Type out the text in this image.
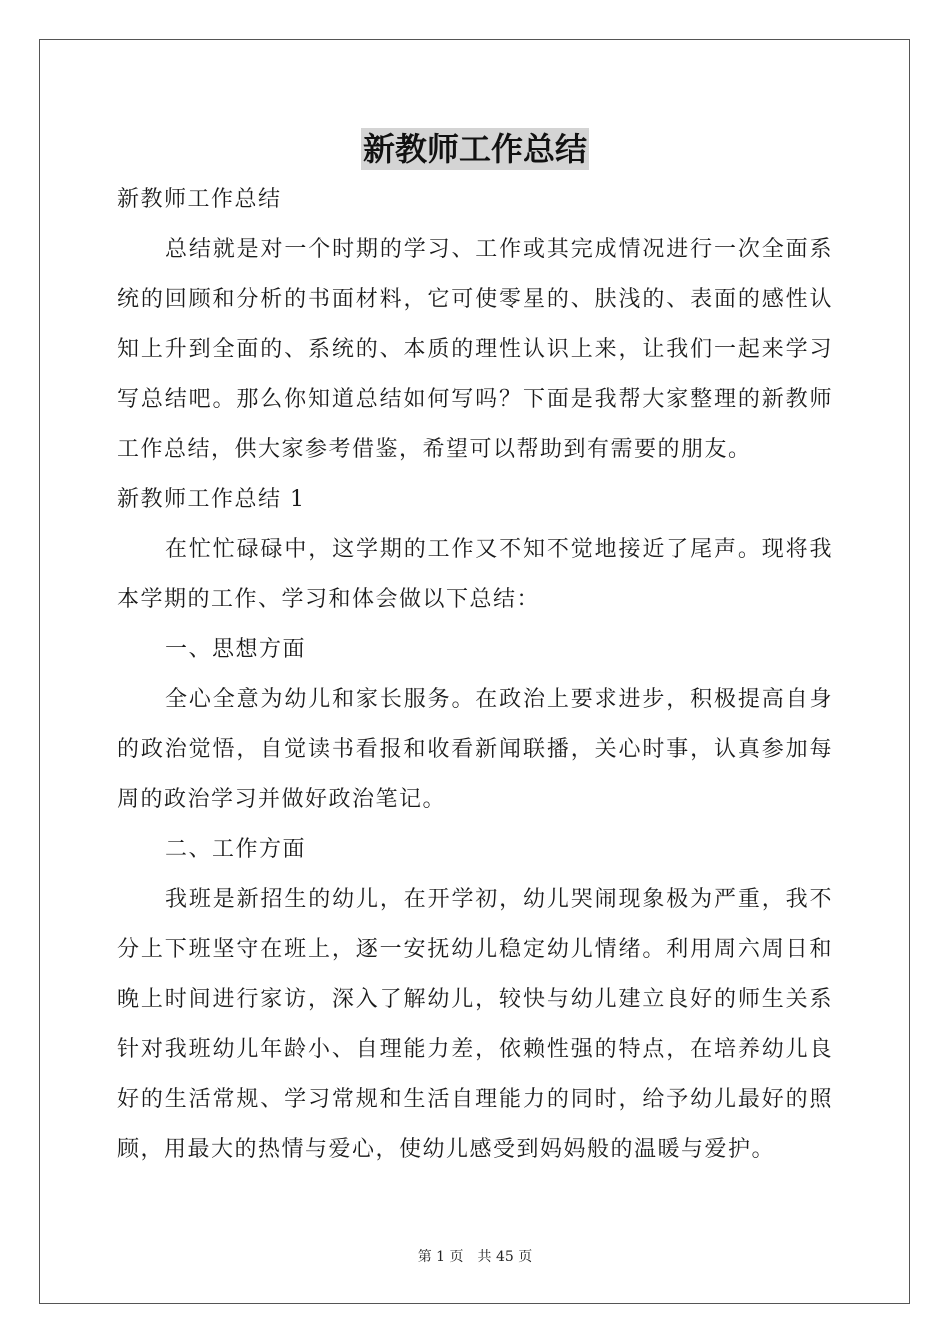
新教师工作总结
新教师工作总结
总结就是对一个时期的学习、工作或其完成情况进行一次全面系
统的回顾和分析的书面材料，它可使零星的、肤浅的、表面的感性认
知上升到全面的、系统的、本质的理性认识上来，让我们一起来学习
写总结吧。那么你知道总结如何写吗？下面是我帮大家整理的新教师
工作总结，供大家参考借鉴，希望可以帮助到有需要的朋友。
新教师工作总结 1
在忙忙碌碌中，这学期的工作又不知不觉地接近了尾声。现将我
本学期的工作、学习和体会做以下总结：
一、思想方面
全心全意为幼儿和家长服务。在政治上要求进步，积极提高自身
的政治觉悟，自觉读书看报和收看新闻联播，关心时事，认真参加每
周的政治学习并做好政治笔记。
二、工作方面
我班是新招生的幼儿，在开学初，幼儿哭闹现象极为严重，我不
分上下班坚守在班上，逐一安抚幼儿稳定幼儿情绪。利用周六周日和
晚上时间进行家访，深入了解幼儿，较快与幼儿建立良好的师生关系
针对我班幼儿年龄小、自理能力差，依赖性强的特点，在培养幼儿良
好的生活常规、学习常规和生活自理能力的同时，给予幼儿最好的照
顾，用最大的热情与爱心，使幼儿感受到妈妈般的温暖与爱护。
第 1 页　共 45 页
